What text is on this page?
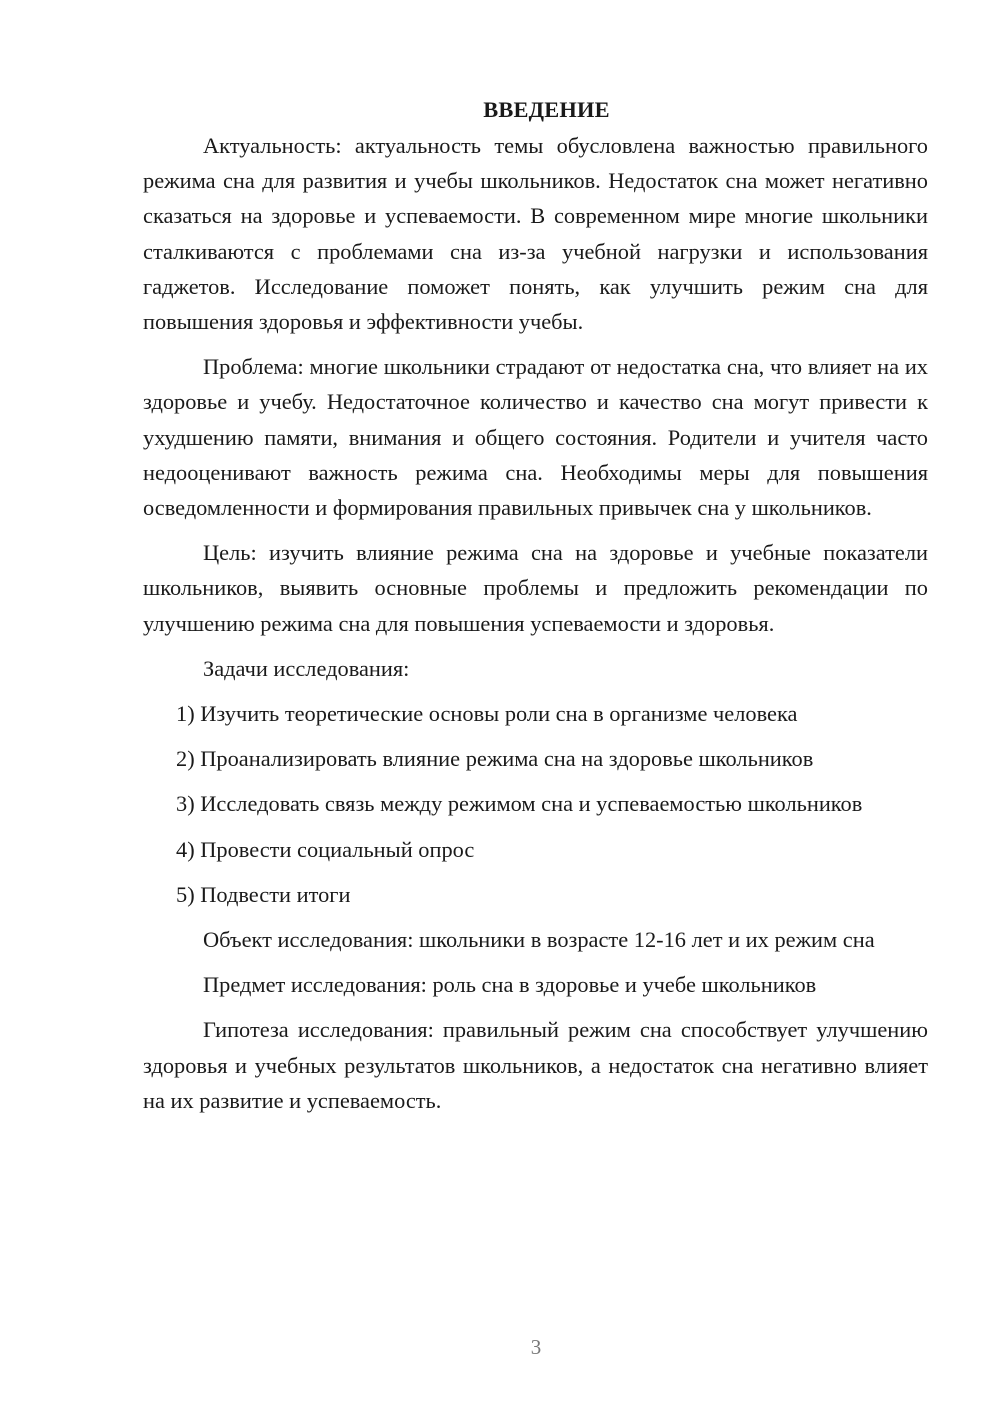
ВВЕДЕНИЕ

Актуальность: актуальность темы обусловлена важностью правильного режима сна для развития и учебы школьников. Недостаток сна может негативно сказаться на здоровье и успеваемости. В современном мире многие школьники сталкиваются с проблемами сна из-за учебной нагрузки и использования гаджетов. Исследование поможет понять, как улучшить режим сна для повышения здоровья и эффективности учебы.

Проблема: многие школьники страдают от недостатка сна, что влияет на их здоровье и учебу. Недостаточное количество и качество сна могут привести к ухудшению памяти, внимания и общего состояния. Родители и учителя часто недооценивают важность режима сна. Необходимы меры для повышения осведомленности и формирования правильных привычек сна у школьников.

Цель: изучить влияние режима сна на здоровье и учебные показатели школьников, выявить основные проблемы и предложить рекомендации по улучшению режима сна для повышения успеваемости и здоровья.

Задачи исследования:

1) Изучить теоретические основы роли сна в организме человека

2) Проанализировать влияние режима сна на здоровье школьников

3) Исследовать связь между режимом сна и успеваемостью школьников

4) Провести социальный опрос

5) Подвести итоги

Объект исследования: школьники в возрасте 12-16 лет и их режим сна

Предмет исследования: роль сна в здоровье и учебе школьников

Гипотеза исследования: правильный режим сна способствует улучшению здоровья и учебных результатов школьников, а недостаток сна негативно влияет на их развитие и успеваемость.

3
